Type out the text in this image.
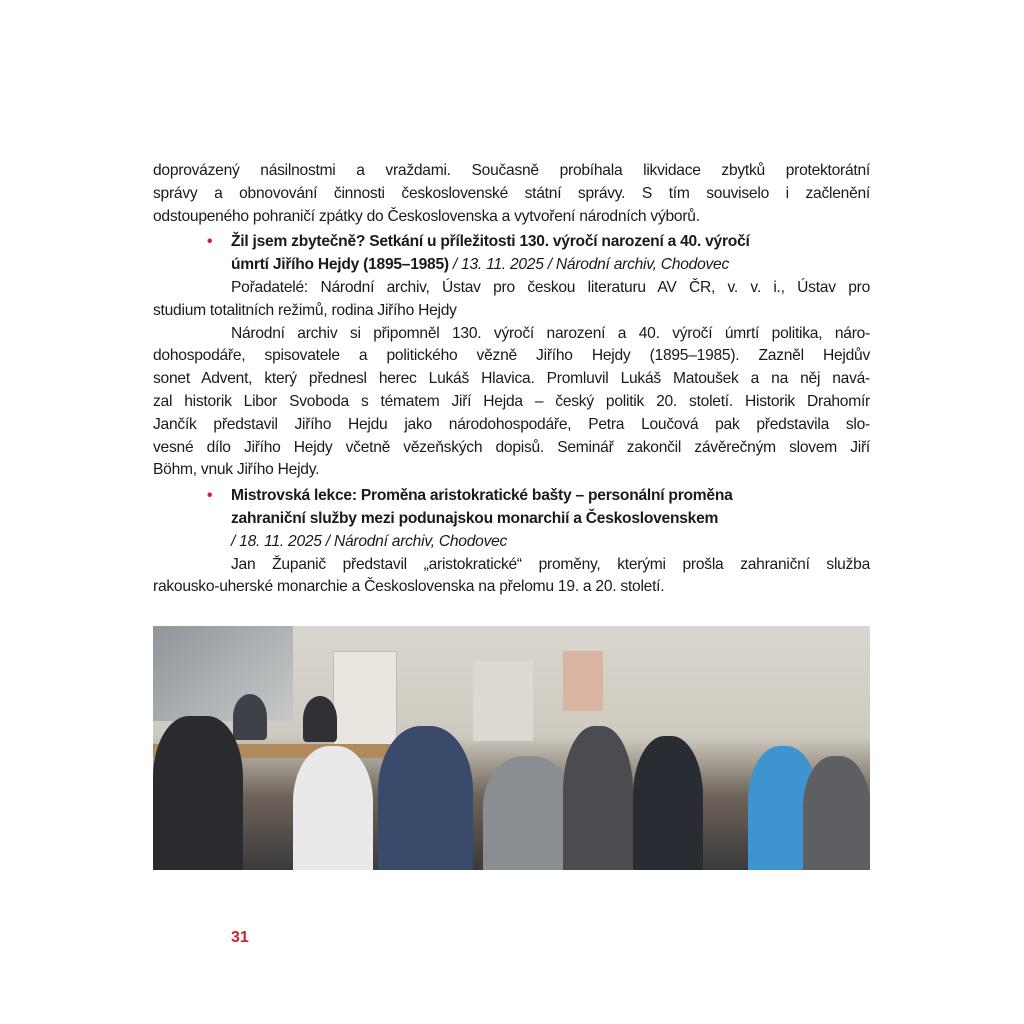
doprovázený násilnostmi a vraždami. Současně probíhala likvidace zbytků protektorátní
správy a obnovování činnosti československé státní správy. S tím souviselo i začlenění
odstoupeného pohraničí zpátky do Československa a vytvoření národních výborů.
• Žil jsem zbytečně? Setkání u příležitosti 130. výročí narození a 40. výročí
úmrtí Jiřího Hejdy (1895–1985) / 13. 11. 2025 / Národní archiv, Chodovec
Pořadatelé: Národní archiv, Ústav pro českou literaturu AV ČR, v. v. i., Ústav pro
studium totalitních režimů, rodina Jiřího Hejdy
Národní archiv si připomněl 130. výročí narození a 40. výročí úmrtí politika, náro-
dohospodáře, spisovatele a politického vězně Jiřího Hejdy (1895–1985). Zazněl Hejdův
sonet Advent, který přednesl herec Lukáš Hlavica. Promluvil Lukáš Matoušek a na něj navá-
zal historik Libor Svoboda s tématem Jiří Hejda – český politik 20. století. Historik Drahomír
Jančík představil Jiřího Hejdu jako národohospodáře, Petra Loučová pak představila slo-
vesné dílo Jiřího Hejdy včetně vězeňských dopisů. Seminář zakončil závěrečným slovem Jiří
Böhm, vnuk Jiřího Hejdy.
• Mistrovská lekce: Proměna aristokratické bašty – personální proměna
zahraniční služby mezi podunajskou monarchií a Československem
/ 18. 11. 2025 / Národní archiv, Chodovec
Jan Županič představil „aristokratické“ proměny, kterými prošla zahraniční služba
rakousko-uherské monarchie a Československa na přelomu 19. a 20. století.
31
